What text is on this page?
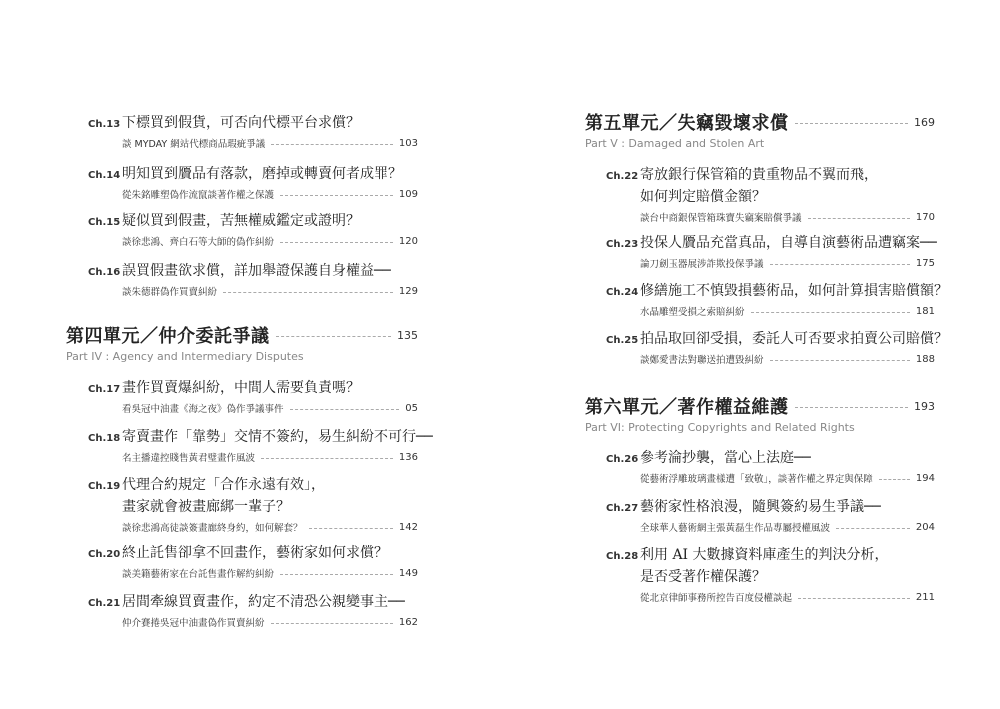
Ch.13 下標買到假貨，可否向代標平台求償？
談 MYDAY 網站代標商品瑕疵爭議	103
Ch.14 明知買到贗品有落款，磨掉或轉賣何者成罪？
從朱銘雕塑偽作流竄談著作權之保護	109
Ch.15 疑似買到假畫，苦無權威鑑定或證明？
談徐悲鴻、齊白石等大師的偽作糾紛	120
Ch.16 誤買假畫欲求償，詳加舉證保護自身權益──
談朱德群偽作買賣糾紛	129
第四單元／仲介委託爭議	135
Part IV : Agency and Intermediary Disputes
Ch.17 畫作買賣爆糾紛，中間人需要負責嗎？
看吳冠中油畫《海之夜》偽作爭議事件	05
Ch.18 寄賣畫作「靠勢」交情不簽約，易生糾紛不可行──
名主播違控賤售黃君璧畫作風波	136
Ch.19 代理合約規定「合作永遠有效」，
畫家就會被畫廊綁一輩子？
談徐悲鴻高徒談簽畫廊終身約，如何解套？	142
Ch.20 終止託售卻拿不回畫作，藝術家如何求償？
談美籍藝術家在台託售畫作解約糾紛	149
Ch.21 居間牽線買賣畫作，約定不清恐公親變事主──
仲介賽捲吳冠中油畫偽作買賣糾紛	162
第五單元／失竊毀壞求償	169
Part V : Damaged and Stolen Art
Ch.22 寄放銀行保管箱的貴重物品不翼而飛，
如何判定賠償金額？
談台中商銀保管箱珠寶失竊案賠償爭議	170
Ch.23 投保人贗品充當真品，自導自演藝術品遭竊案──
論刀劍玉器展涉詐欺投保爭議	175
Ch.24 修繕施工不慎毀損藝術品，如何計算損害賠償額？
水晶雕塑受損之索賠糾紛	181
Ch.25 拍品取回卻受損，委託人可否要求拍賣公司賠償？
談鄭愛書法對聯送拍遭毀糾紛	188
第六單元／著作權益維護	193
Part VI: Protecting Copyrights and Related Rights
Ch.26 參考淪抄襲，當心上法庭──
從藝術浮雕玻璃畫樣遭「致敬」，談著作權之界定與保障	194
Ch.27 藝術家性格浪漫，隨興簽約易生爭議──
全球華人藝術網主張黃磊生作品專屬授權風波	204
Ch.28 利用 AI 大數據資料庫產生的判決分析，
是否受著作權保護？
從北京律師事務所控告百度侵權談起	211
